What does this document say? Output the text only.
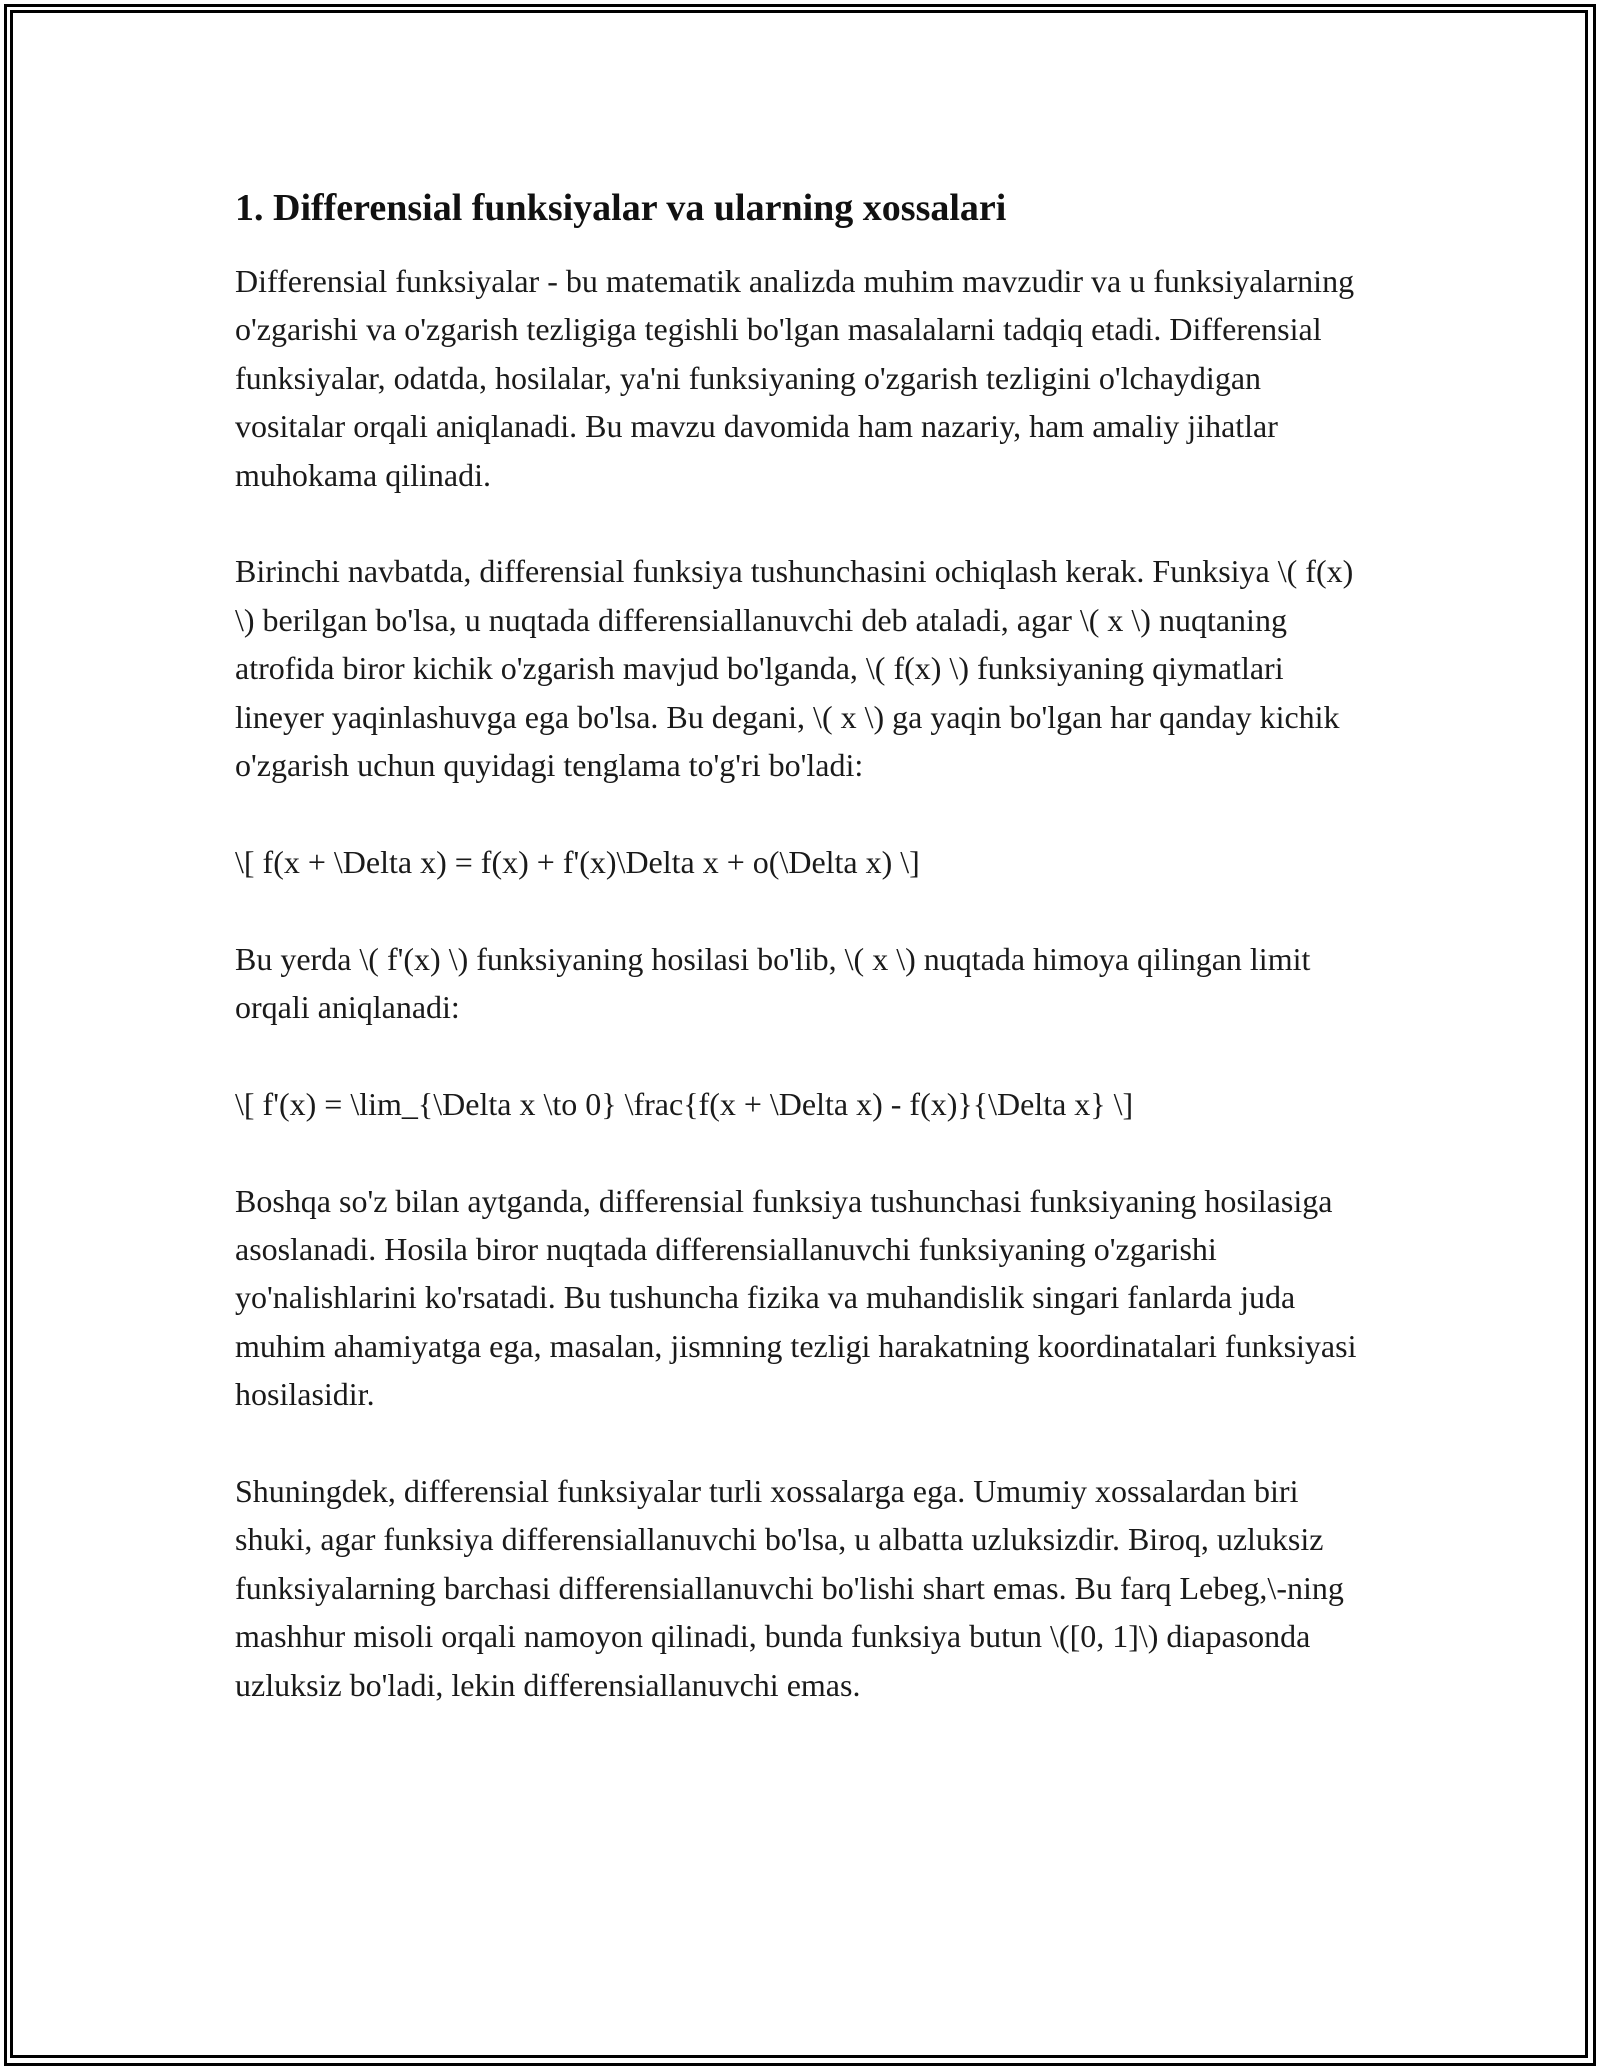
1. Differensial funksiyalar va ularning xossalari

Differensial funksiyalar - bu matematik analizda muhim mavzudir va u funksiyalarning o'zgarishi va o'zgarish tezligiga tegishli bo'lgan masalalarni tadqiq etadi. Differensial funksiyalar, odatda, hosilalar, ya'ni funksiyaning o'zgarish tezligini o'lchaydigan vositalar orqali aniqlanadi. Bu mavzu davomida ham nazariy, ham amaliy jihatlar muhokama qilinadi.

Birinchi navbatda, differensial funksiya tushunchasini ochiqlash kerak. Funksiya \( f(x) \) berilgan bo'lsa, u nuqtada differensiallanuvchi deb ataladi, agar \( x \) nuqtaning atrofida biror kichik o'zgarish mavjud bo'lganda, \( f(x) \) funksiyaning qiymatlari lineyer yaqinlashuvga ega bo'lsa. Bu degani, \( x \) ga yaqin bo'lgan har qanday kichik o'zgarish uchun quyidagi tenglama to'g'ri bo'ladi:

\[ f(x + \Delta x) = f(x) + f'(x)\Delta x + o(\Delta x) \]

Bu yerda \( f'(x) \) funksiyaning hosilasi bo'lib, \( x \) nuqtada himoya qilingan limit orqali aniqlanadi:

\[ f'(x) = \lim_{\Delta x \to 0} \frac{f(x + \Delta x) - f(x)}{\Delta x} \]

Boshqa so'z bilan aytganda, differensial funksiya tushunchasi funksiyaning hosilasiga asoslanadi. Hosila biror nuqtada differensiallanuvchi funksiyaning o'zgarishi yo'nalishlarini ko'rsatadi. Bu tushuncha fizika va muhandislik singari fanlarda juda muhim ahamiyatga ega, masalan, jismning tezligi harakatning koordinatalari funksiyasi hosilasidir.

Shuningdek, differensial funksiyalar turli xossalarga ega. Umumiy xossalardan biri shuki, agar funksiya differensiallanuvchi bo'lsa, u albatta uzluksizdir. Biroq, uzluksiz funksiyalarning barchasi differensiallanuvchi bo'lishi shart emas. Bu farq Lebeg,\-ning mashhur misoli orqali namoyon qilinadi, bunda funksiya butun \([0, 1]\) diapasonda uzluksiz bo'ladi, lekin differensiallanuvchi emas.
